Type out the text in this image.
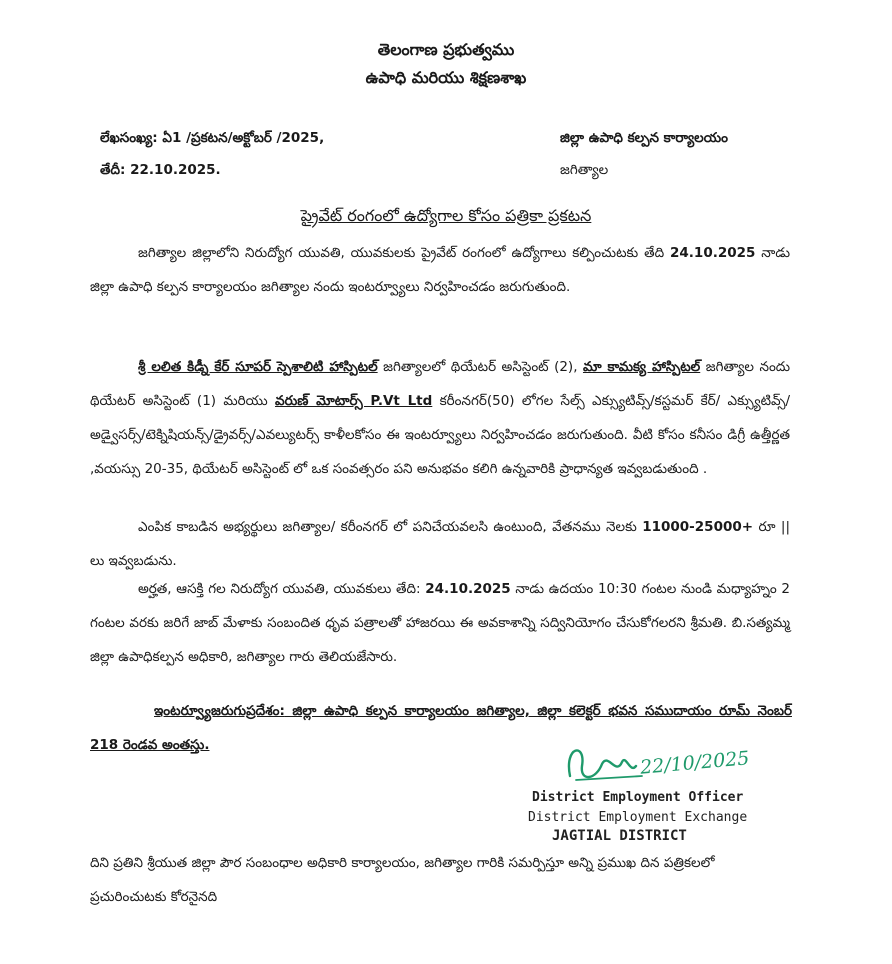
తెలంగాణ ప్రభుత్వము
ఉపాధి మరియు శిక్షణశాఖ
లేఖసంఖ్య: ఏ1 /ప్రకటన/అక్టోబర్ /2025,
తేదీ: 22.10.2025.
జిల్లా ఉపాధి కల్పన కార్యాలయం
జగిత్యాల
ప్రైవేట్ రంగంలో ఉద్యోగాల కోసం పత్రికా ప్రకటన
జగిత్యాల జిల్లాలోని నిరుద్యోగ యువతి, యువకులకు ప్రైవేట్ రంగంలో ఉద్యోగాలు కల్పించుటకు తేది 24.10.2025 నాడు జిల్లా ఉపాధి కల్పన కార్యాలయం జగిత్యాల నందు ఇంటర్వ్యూలు నిర్వహించడం జరుగుతుంది.
శ్రీ లలిత కిడ్నీ కేర్ సూపర్ స్పెశాలిటి హాస్పిటల్ జగిత్యాలలో థియేటర్ అసిస్టెంట్ (2), మా కామక్య హాస్పిటల్ జగిత్యాల నందు థియేటర్ అసిస్టెంట్ (1) మరియు వరుణ్ మోటార్స్ P.Vt Ltd కరీంనగర్(50) లోగల సేల్స్ ఎక్స్యుటివ్స్/కస్టమర్ కేర్/ ఎక్స్యుటివ్స్/అడ్వైసర్స్/టెక్నిషియన్స్/డ్రైవర్స్/ఎవల్యుటర్స్ కాళీలకోసం ఈ ఇంటర్వ్యూలు నిర్వహించడం జరుగుతుంది. వీటి కోసం కనీసం డిగ్రీ ఉత్తీర్ణత ,వయస్సు 20-35, థియేటర్ అసిస్టెంట్ లో ఒక సంవత్సరం పని అనుభవం కలిగి ఉన్నవారికి ప్రాధాన్యత ఇవ్వబడుతుంది .
ఎంపిక కాబడిన అభ్యర్థులు జగిత్యాల/ కరీంనగర్ లో పనిచేయవలసి ఉంటుంది, వేతనము నెలకు 11000-25000+ రూ ||లు ఇవ్వబడును.
అర్హత, ఆసక్తి గల నిరుద్యోగ యువతి, యువకులు తేది: 24.10.2025 నాడు ఉదయం 10:30 గంటల నుండి మధ్యాహ్నం 2 గంటల వరకు జరిగే జాబ్ మేళాకు సంబందిత ధృవ పత్రాలతో హాజరయి ఈ అవకాశాన్ని సద్వినియోగం చేసుకోగలరని శ్రీమతి. బి.సత్యమ్మ జిల్లా ఉపాధికల్పన అధికారి, జగిత్యాల గారు తెలియజేసారు.
ఇంటర్వ్యూజరుగుప్రదేశం: జిల్లా ఉపాధి కల్పన కార్యాలయం జగిత్యాల, జిల్లా కలెక్టర్ భవన సముదాయం రూమ్ నెంబర్ 218 రెండవ అంతస్తు.
22/10/2025
District Employment Officer
District Employment Exchange
JAGTIAL DISTRICT
దిని ప్రతిని శ్రీయుత జిల్లా పౌర సంబంధాల అధికారి కార్యాలయం, జగిత్యాల గారికి సమర్పిస్తూ అన్ని ప్రముఖ దిన పత్రికలలో ప్రచురించుటకు కోరనైనది
